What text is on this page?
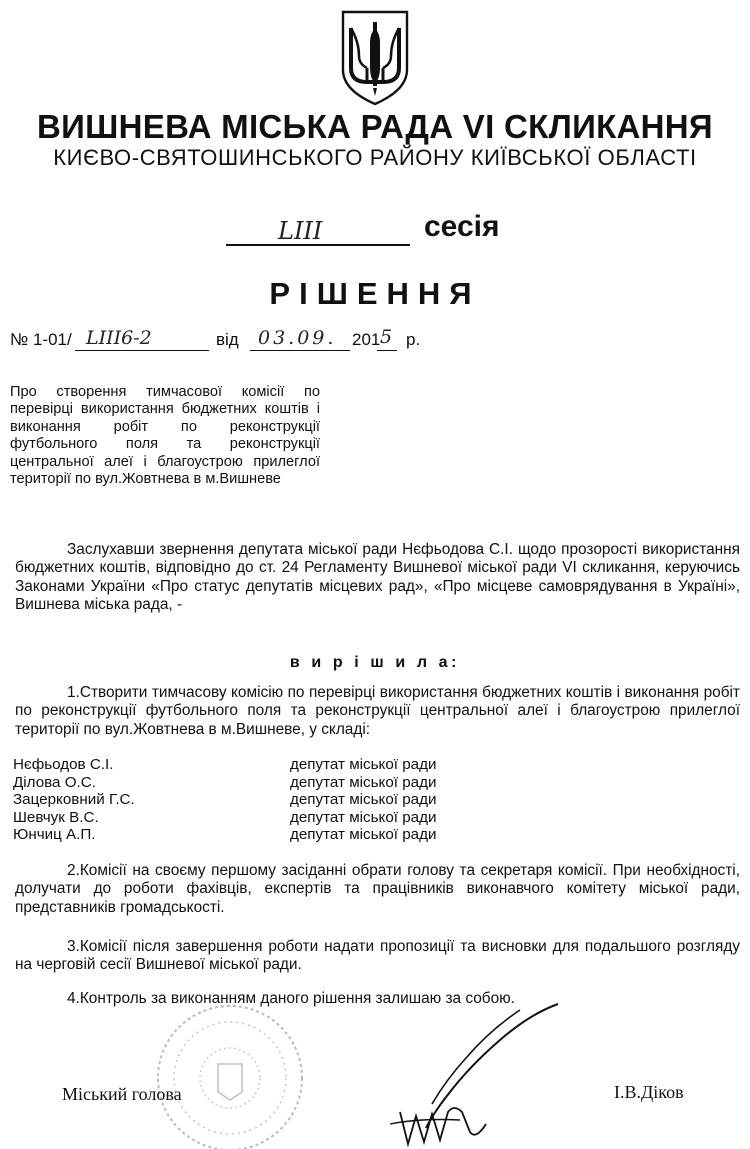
ВИШНЕВА МІСЬКА РАДА VI СКЛИКАННЯ
КИЄВО-СВЯТОШИНСЬКОГО РАЙОНУ КИЇВСЬКОЇ ОБЛАСТІ
LIII	сесія
РІШЕННЯ
№ 1-01/ LIII6-2	від 03.09. 201 5 р.
Про створення тимчасової комісії по перевірці використання бюджетних коштів і виконання робіт по реконструкції футбольного поля та реконструкції центральної алеї і благоустрою прилеглої території по вул.Жовтнева в м.Вишневе
Заслухавши звернення депутата міської ради Нєфьодова С.І. щодо прозорості використання бюджетних коштів, відповідно до ст. 24 Регламенту Вишневої міської ради VI скликання, керуючись Законами України «Про статус депутатів місцевих рад», «Про місцеве самоврядування в Україні», Вишнева міська рада, -
в и р і ш и л а:
1.Створити тимчасову комісію по перевірці використання бюджетних коштів і виконання робіт по реконструкції футбольного поля та реконструкції центральної алеї і благоустрою прилеглої території по вул.Жовтнева в м.Вишневе, у складі:
Нєфьодов С.І.	депутат міської ради
Ділова О.С.	депутат міської ради
Зацерковний Г.С.	депутат міської ради
Шевчук В.С.	депутат міської ради
Юнчиц А.П.	депутат міської ради
2.Комісії на своєму першому засіданні обрати голову та секретаря комісії. При необхідності, долучати до роботи фахівців, експертів та працівників виконавчого комітету міської ради, представників громадськості.
3.Комісії після завершення роботи надати пропозиції та висновки для подальшого розгляду на черговій сесії Вишневої міської ради.
4.Контроль за виконанням даного рішення залишаю за собою.
Міський голова	І.В.Діков
